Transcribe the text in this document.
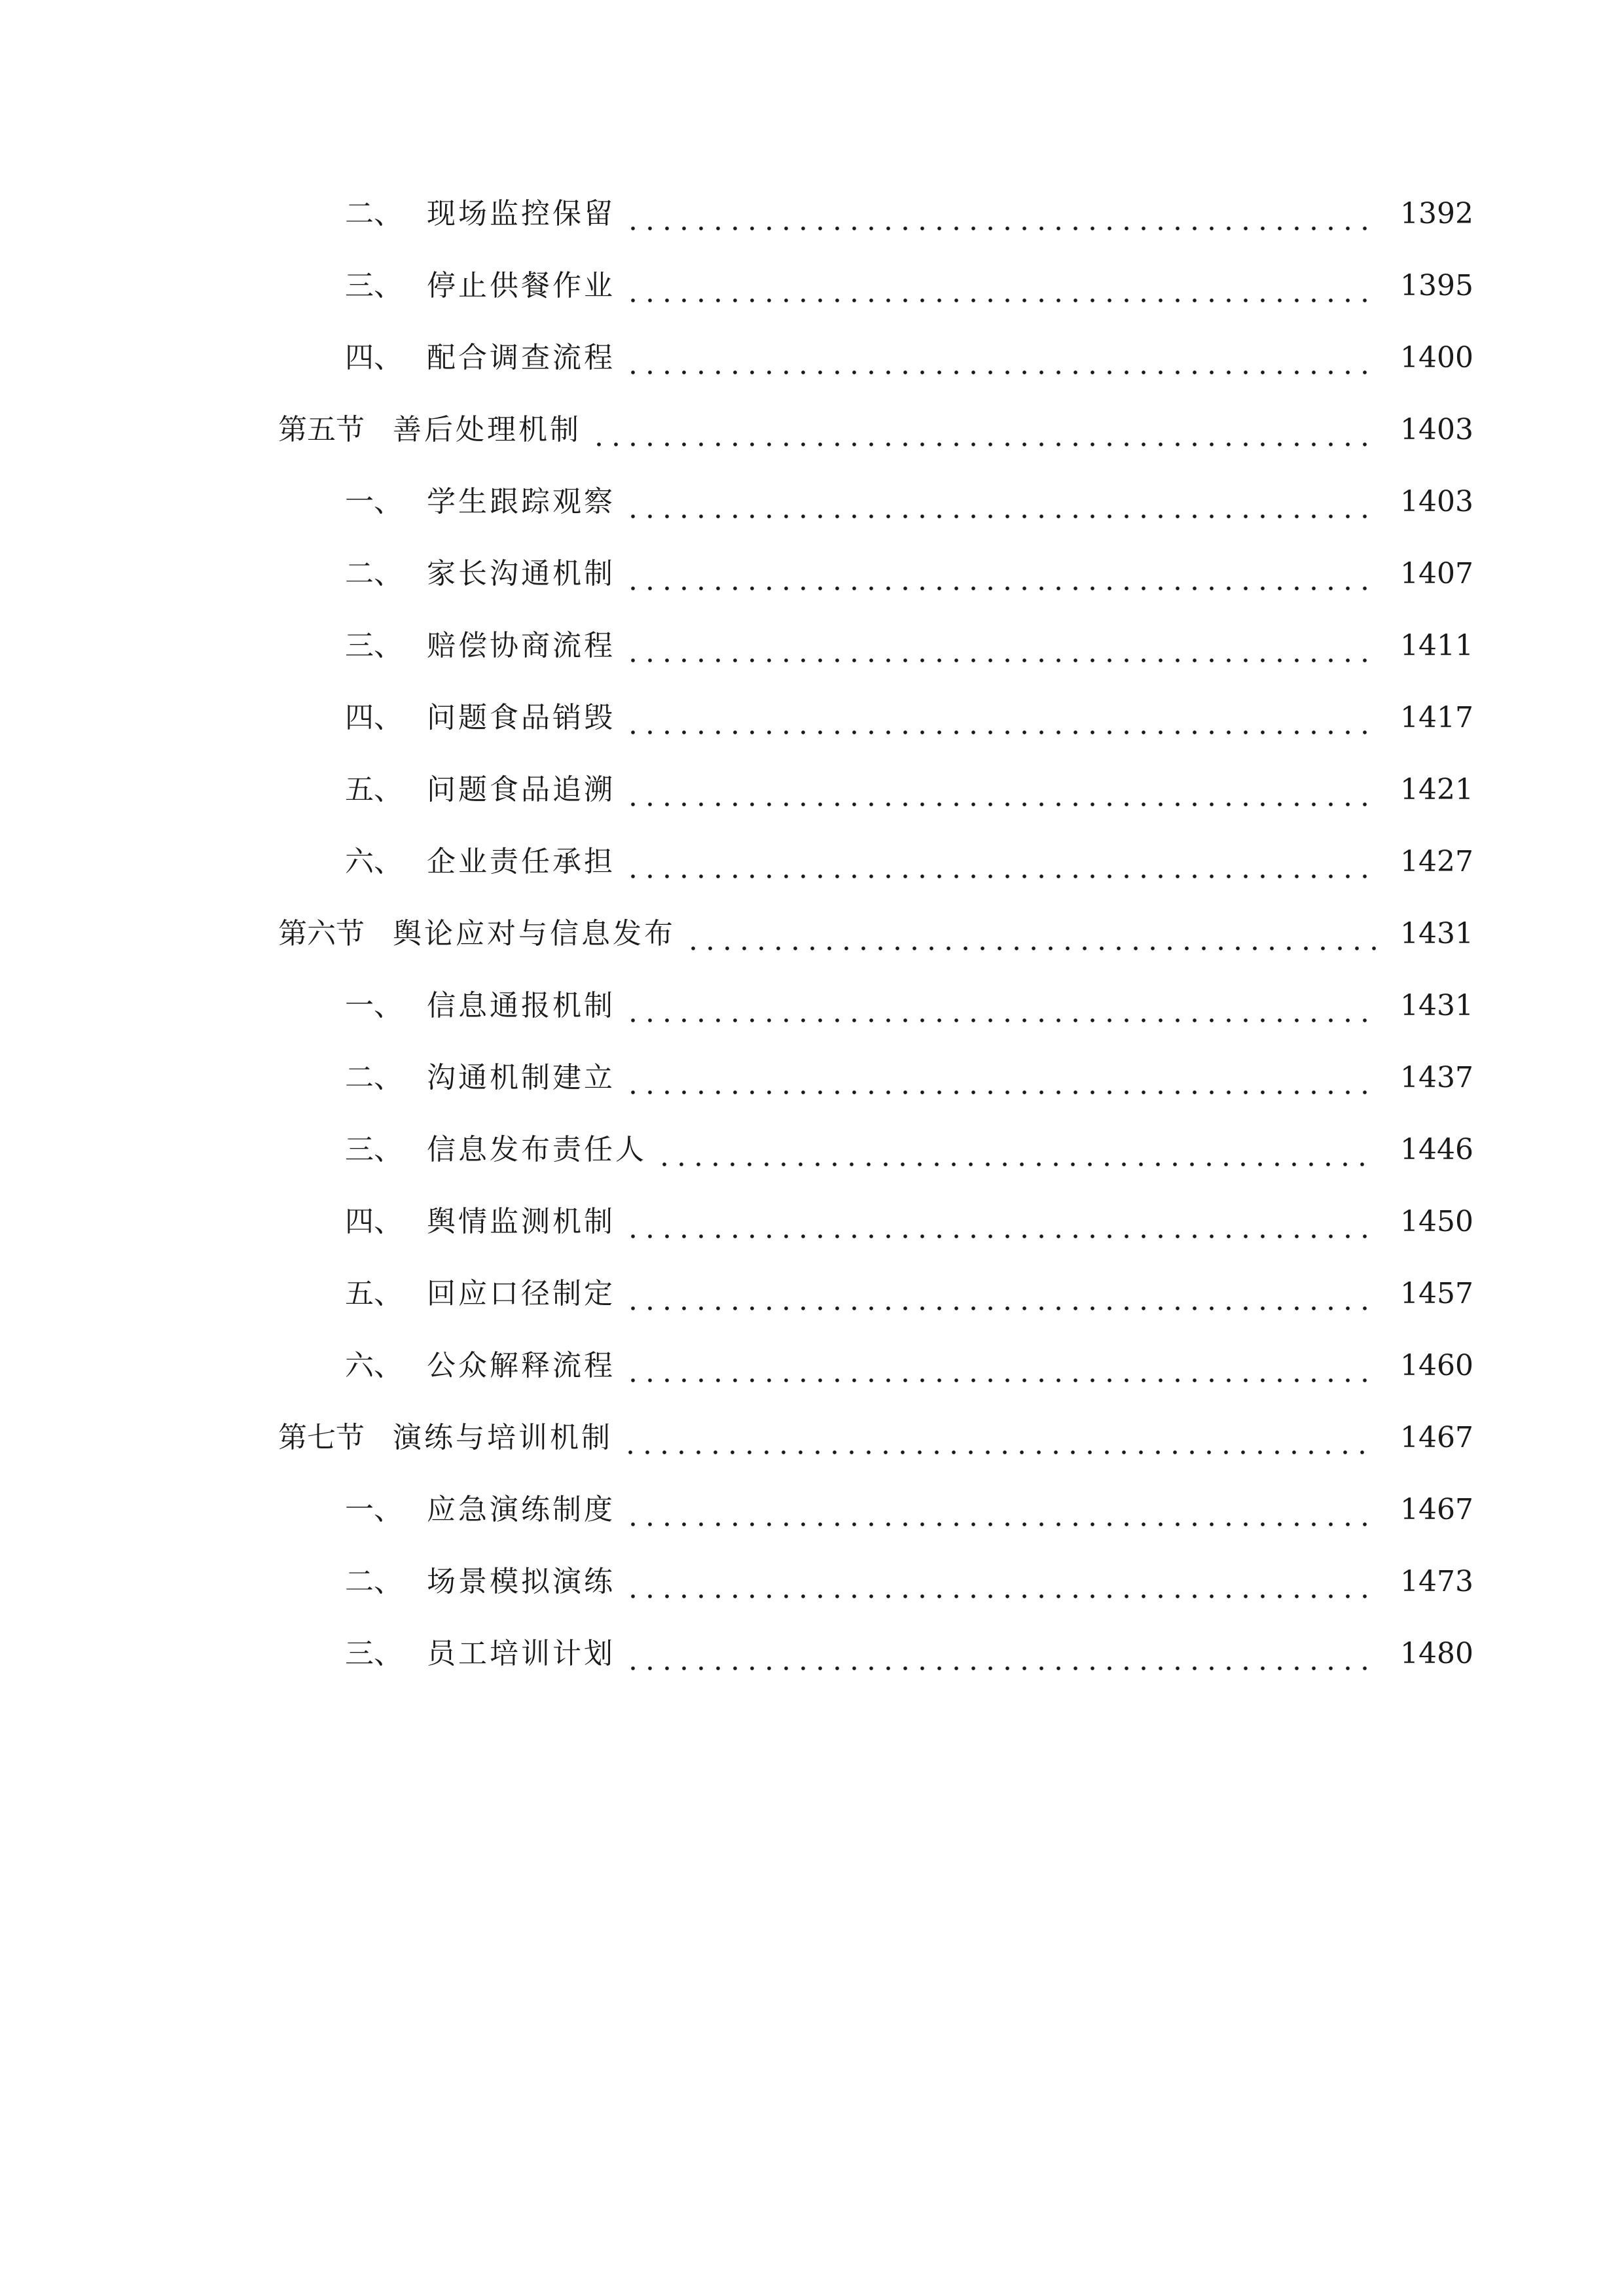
二、 现场监控保留	1392
三、 停止供餐作业	1395
四、 配合调查流程	1400
第五节 善后处理机制	1403
一、 学生跟踪观察	1403
二、 家长沟通机制	1407
三、 赔偿协商流程	1411
四、 问题食品销毁	1417
五、 问题食品追溯	1421
六、 企业责任承担	1427
第六节 舆论应对与信息发布	1431
一、 信息通报机制	1431
二、 沟通机制建立	1437
三、 信息发布责任人	1446
四、 舆情监测机制	1450
五、 回应口径制定	1457
六、 公众解释流程	1460
第七节 演练与培训机制	1467
一、 应急演练制度	1467
二、 场景模拟演练	1473
三、 员工培训计划	1480
